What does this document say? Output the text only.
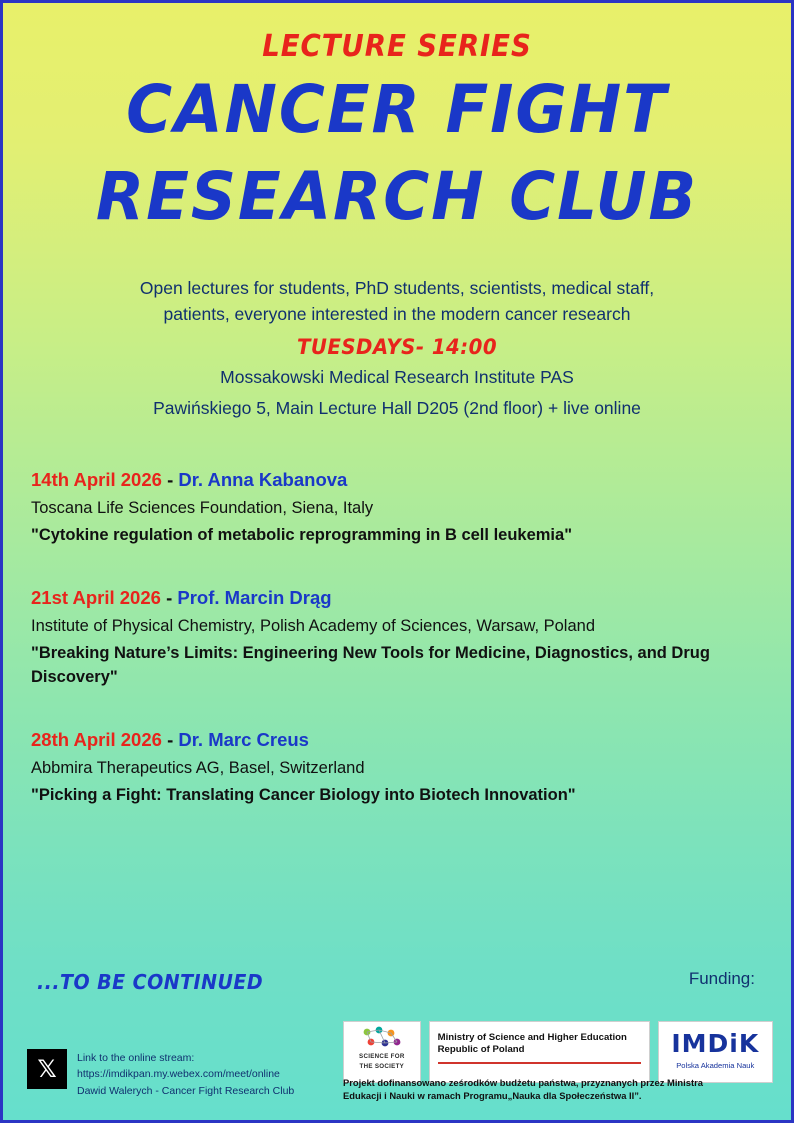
LECTURE SERIES
CANCER FIGHT
RESEARCH CLUB
Open lectures for students, PhD students, scientists, medical staff,
patients, everyone interested in the modern cancer research
TUESDAYS- 14:00
Mossakowski Medical Research Institute PAS
Pawińskiego 5, Main Lecture Hall D205 (2nd floor) + live online
14th April 2026 - Dr. Anna Kabanova
Toscana Life Sciences Foundation, Siena, Italy
"Cytokine regulation of metabolic reprogramming in B cell leukemia"
21st April 2026 - Prof. Marcin Drąg
Institute of Physical Chemistry, Polish Academy of Sciences, Warsaw, Poland
"Breaking Nature’s Limits: Engineering New Tools for Medicine, Diagnostics, and Drug Discovery"
28th April 2026 - Dr. Marc Creus
Abbmira Therapeutics AG, Basel, Switzerland
"Picking a Fight: Translating Cancer Biology into Biotech Innovation"
...TO BE CONTINUED	Funding:
SCIENCE FOR
THE SOCIETY
Ministry of Science and Higher Education
Republic of Poland	IMDiK
Polska Akademia Nauk
Projekt dofinansowano ześrodków budżetu państwa, przyznanych przez Ministra
Edukacji i Nauki w ramach Programu„Nauka dla Społeczeństwa II”.
𝕏	Link to the online stream:
https://imdikpan.my.webex.com/meet/online
Dawid Walerych - Cancer Fight Research Club
